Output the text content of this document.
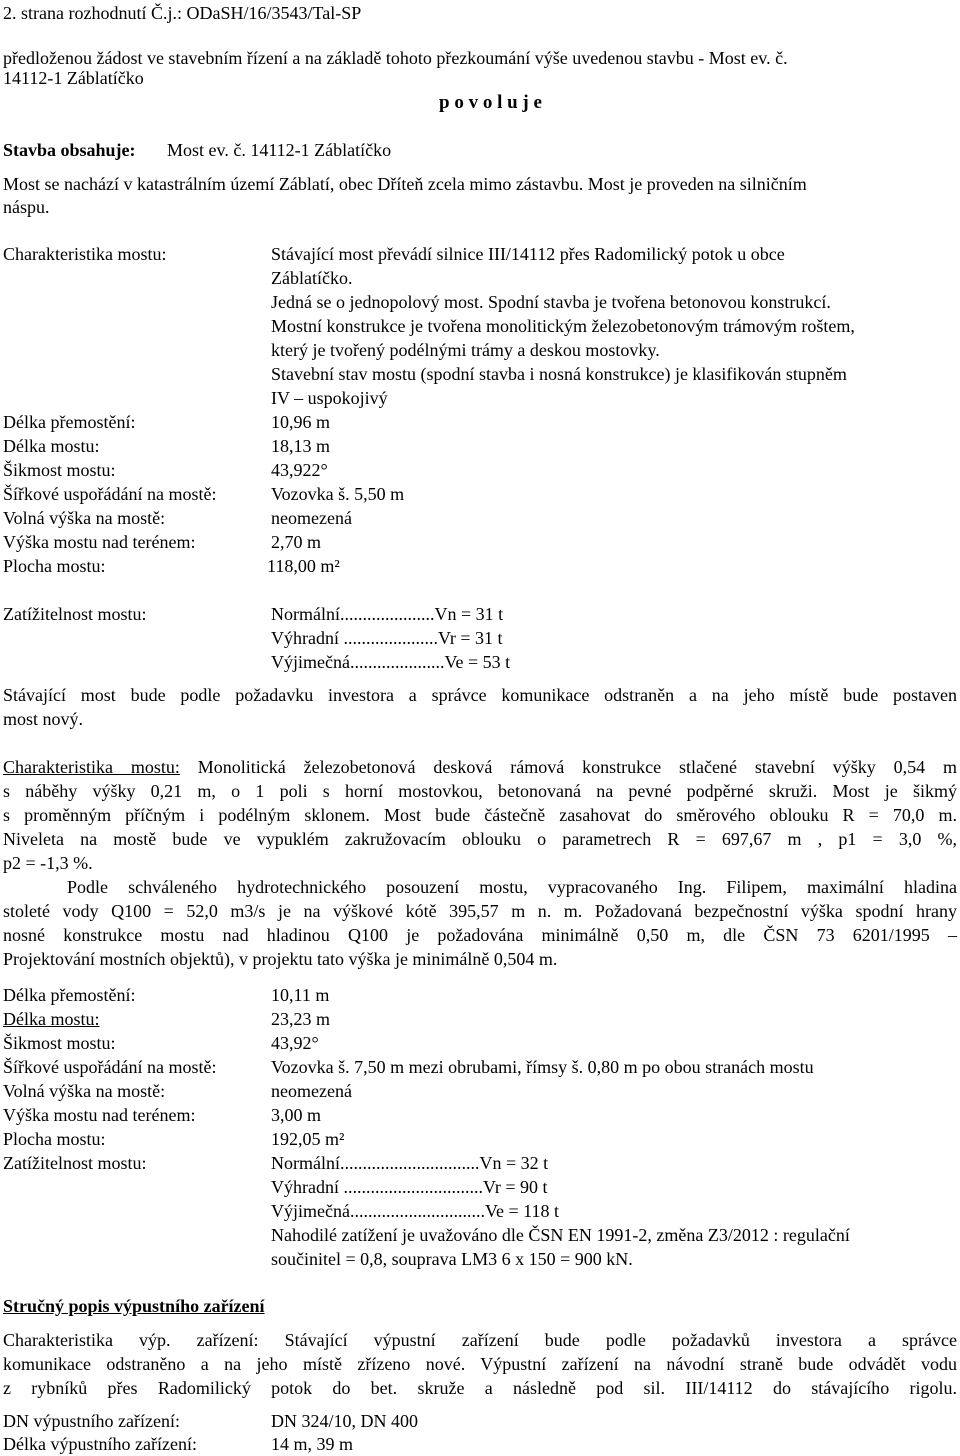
2. strana rozhodnutí Č.j.: ODaSH/16/3543/Tal-SP
předloženou žádost ve stavebním řízení a na základě tohoto přezkoumání výše uvedenou stavbu - Most ev. č.
14112-1 Záblatíčko
p o v o l u j e
Stavba obsahuje: Most ev. č. 14112-1 Záblatíčko
Most se nachází v katastrálním území Záblatí, obec Dříteň zcela mimo zástavbu. Most je proveden na silničním
náspu.
Charakteristika mostu:	Stávající most převádí silnice III/14112 přes Radomilický potok u obce
Záblatíčko.
Jedná se o jednopolový most. Spodní stavba je tvořena betonovou konstrukcí.
Mostní konstrukce je tvořena monolitickým železobetonovým trámovým roštem,
který je tvořený podélnými trámy a deskou mostovky.
Stavební stav mostu (spodní stavba i nosná konstrukce) je klasifikován stupněm
IV – uspokojivý
Délka přemostění:	10,96 m
Délka mostu:	18,13 m
Šikmost mostu:	43,922°
Šířkové uspořádání na mostě:	Vozovka š. 5,50 m
Volná výška na mostě:	neomezená
Výška mostu nad terénem:	2,70 m
Plocha mostu:	118,00 m²
Zatížitelnost mostu:	Normální.....................Vn = 31 t
Výhradní .....................Vr = 31 t
Výjimečná.....................Ve = 53 t
Stávající most bude podle požadavku investora a správce komunikace odstraněn a na jeho místě bude postaven
most nový.
Charakteristika mostu: Monolitická železobetonová desková rámová konstrukce stlačené stavební výšky 0,54 m
s náběhy výšky 0,21 m, o 1 poli s horní mostovkou, betonovaná na pevné podpěrné skruži. Most je šikmý
s proměnným příčným i podélným sklonem. Most bude částečně zasahovat do směrového oblouku R = 70,0 m.
Niveleta na mostě bude ve vypuklém zakružovacím oblouku o parametrech R = 697,67 m , p1 = 3,0 %,
p2 = -1,3 %.
Podle schváleného hydrotechnického posouzení mostu, vypracovaného Ing. Filipem, maximální hladina
stoleté vody Q100 = 52,0 m3/s je na výškové kótě 395,57 m n. m. Požadovaná bezpečnostní výška spodní hrany
nosné konstrukce mostu nad hladinou Q100 je požadována minimálně 0,50 m, dle ČSN 73 6201/1995 –
Projektování mostních objektů), v projektu tato výška je minimálně 0,504 m.
Délka přemostění:	10,11 m
Délka mostu:	23,23 m
Šikmost mostu:	43,92°
Šířkové uspořádání na mostě:	Vozovka š. 7,50 m mezi obrubami, římsy š. 0,80 m po obou stranách mostu
Volná výška na mostě:	neomezená
Výška mostu nad terénem:	3,00 m
Plocha mostu:	192,05 m²
Zatížitelnost mostu:	Normální...............................Vn = 32 t
Výhradní ...............................Vr = 90 t
Výjimečná..............................Ve = 118 t
Nahodilé zatížení je uvažováno dle ČSN EN 1991-2, změna Z3/2012 : regulační
součinitel = 0,8, souprava LM3 6 x 150 = 900 kN.
Stručný popis výpustního zařízení
Charakteristika výp. zařízení: Stávající výpustní zařízení bude podle požadavků investora a správce
komunikace odstraněno a na jeho místě zřízeno nové. Výpustní zařízení na návodní straně bude odvádět vodu
z rybníků přes Radomilický potok do bet. skruže a následně pod sil. III/14112 do stávajícího rigolu.
DN výpustního zařízení:	DN 324/10, DN 400
Délka výpustního zařízení:	14 m, 39 m
